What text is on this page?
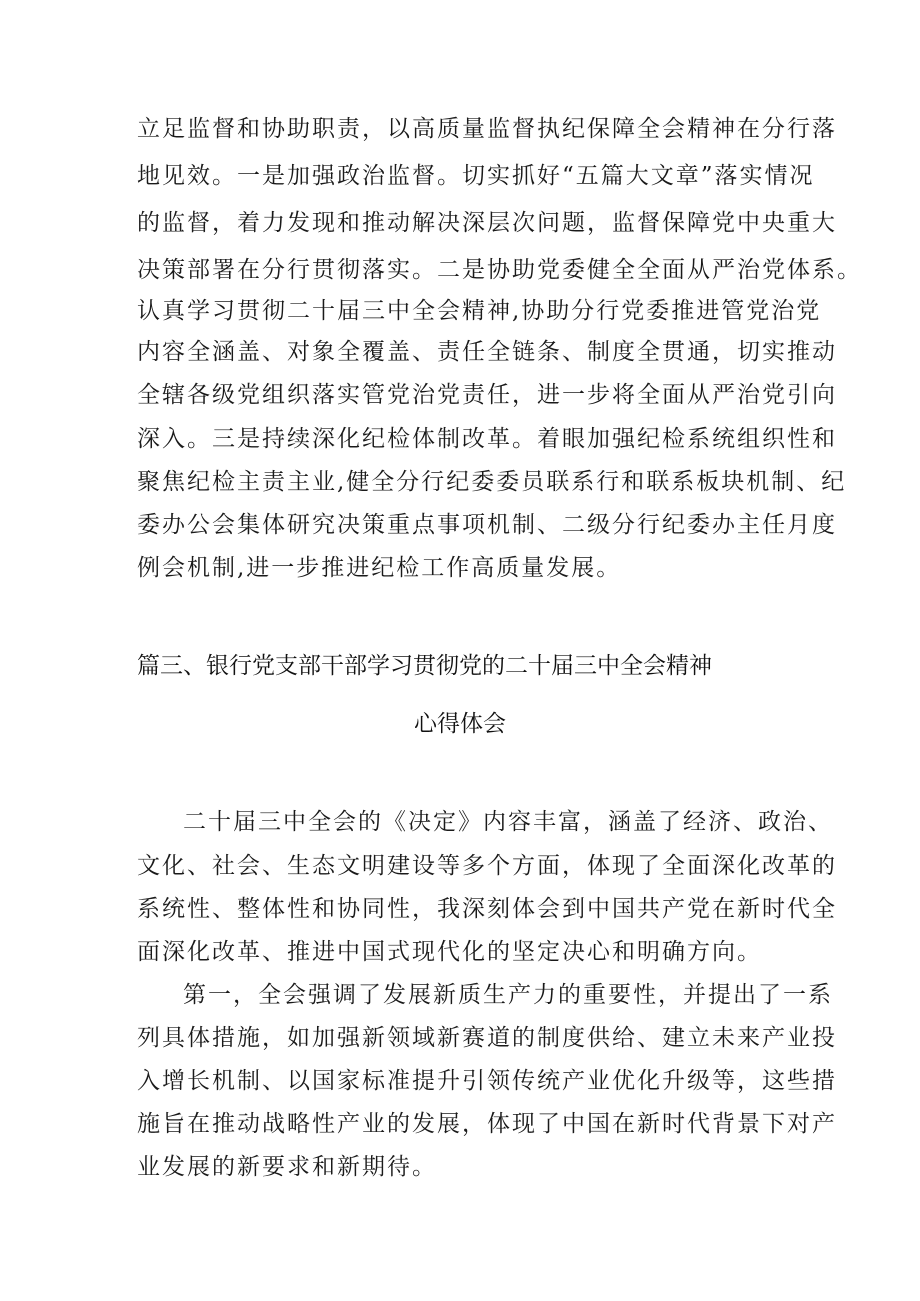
立足监督和协助职责，以高质量监督执纪保障全会精神在分行落
地见效。一是加强政治监督。切实抓好“五篇大文章”落实情况
的监督，着力发现和推动解决深层次问题，监督保障党中央重大
决策部署在分行贯彻落实。二是协助党委健全全面从严治党体系。
认真学习贯彻二十届三中全会精神,协助分行党委推进管党治党
内容全涵盖、对象全覆盖、责任全链条、制度全贯通，切实推动
全辖各级党组织落实管党治党责任，进一步将全面从严治党引向
深入。三是持续深化纪检体制改革。着眼加强纪检系统组织性和
聚焦纪检主责主业,健全分行纪委委员联系行和联系板块机制、纪
委办公会集体研究决策重点事项机制、二级分行纪委办主任月度
例会机制,进一步推进纪检工作高质量发展。
篇三、银行党支部干部学习贯彻党的二十届三中全会精神
心得体会
二十届三中全会的《决定》内容丰富，涵盖了经济、政治、
文化、社会、生态文明建设等多个方面，体现了全面深化改革的
系统性、整体性和协同性，我深刻体会到中国共产党在新时代全
面深化改革、推进中国式现代化的坚定决心和明确方向。
第一，全会强调了发展新质生产力的重要性，并提出了一系
列具体措施，如加强新领域新赛道的制度供给、建立未来产业投
入增长机制、以国家标准提升引领传统产业优化升级等，这些措
施旨在推动战略性产业的发展，体现了中国在新时代背景下对产
业发展的新要求和新期待。
